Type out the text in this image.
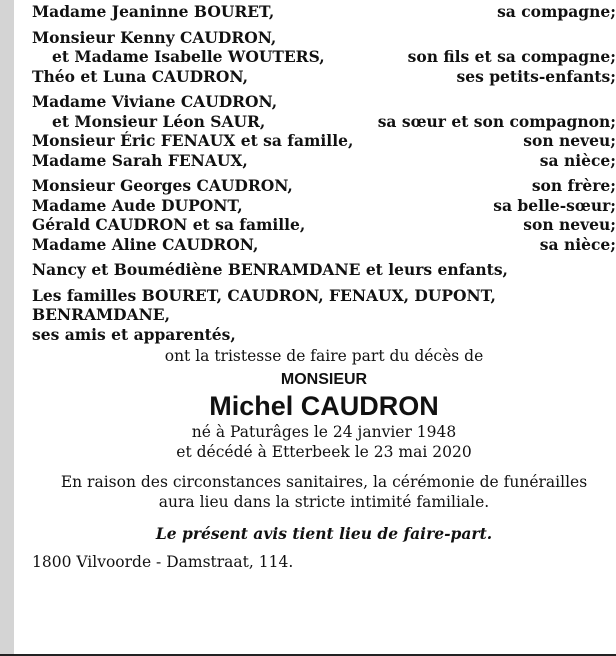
Madame Jeaninne BOURET,	sa compagne;
Monsieur Kenny CAUDRON,
et Madame Isabelle WOUTERS,	son fils et sa compagne;
Théo et Luna CAUDRON,	ses petits-enfants;
Madame Viviane CAUDRON,
et Monsieur Léon SAUR,	sa sœur et son compagnon;
Monsieur Éric FENAUX et sa famille,	son neveu;
Madame Sarah FENAUX,	sa nièce;
Monsieur Georges CAUDRON,	son frère;
Madame Aude DUPONT,	sa belle-sœur;
Gérald CAUDRON et sa famille,	son neveu;
Madame Aline CAUDRON,	sa nièce;
Nancy et Boumédiène BENRAMDANE et leurs enfants,
Les familles BOURET, CAUDRON, FENAUX, DUPONT, BENRAMDANE,
ses amis et apparentés,
ont la tristesse de faire part du décès de
MONSIEUR
Michel CAUDRON
né à Paturâges le 24 janvier 1948
et décédé à Etterbeek le 23 mai 2020
En raison des circonstances sanitaires, la cérémonie de funérailles
aura lieu dans la stricte intimité familiale.
Le présent avis tient lieu de faire-part.
1800 Vilvoorde - Damstraat, 114.
